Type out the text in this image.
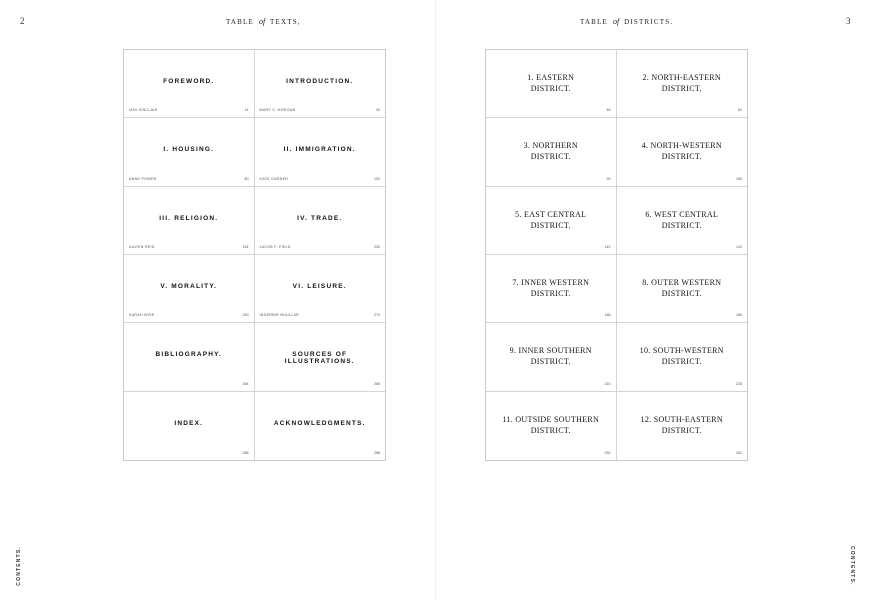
2	TABLE of TEXTS,
CONTENTS.
3
TABLE of DISTRICTS.
CONTENTS.
FOREWORD.
IAIN SINCLAIR	14
INTRODUCTION.
MARY S. MORGAN	20
I. HOUSING.
ANNE POWER	80
II. IMMIGRATION.
KATE GARNER	102
III. RELIGION.
AILEEN REID	154
IV. TRADE.
JACOB F. FIELD	232
V. MORALITY.
SARAH WISE	240
VI. LEISURE.
INDERBIR BHULLAR	274
BIBLIOGRAPHY.
284
SOURCES OF ILLUSTRATIONS.
285
INDEX.
286
ACKNOWLEDGMENTS.
288
1. EASTERN
DISTRICT.
46
2. NORTH-EASTERN
DISTRICT.
62
3. NORTHERN
DISTRICT.
90
4. NORTH-WESTERN
DISTRICT.
106
5. EAST CENTRAL
DISTRICT.
142
6. WEST CENTRAL
DISTRICT.
142
7. INNER WESTERN
DISTRICT.
186
8. OUTER WESTERN
DISTRICT.
186
9. INNER SOUTHERN
DISTRICT.
210
10. SOUTH-WESTERN
DISTRICT.
228
11. OUTSIDE SOUTHERN
DISTRICT.
250
12. SOUTH-EASTERN
DISTRICT.
262
